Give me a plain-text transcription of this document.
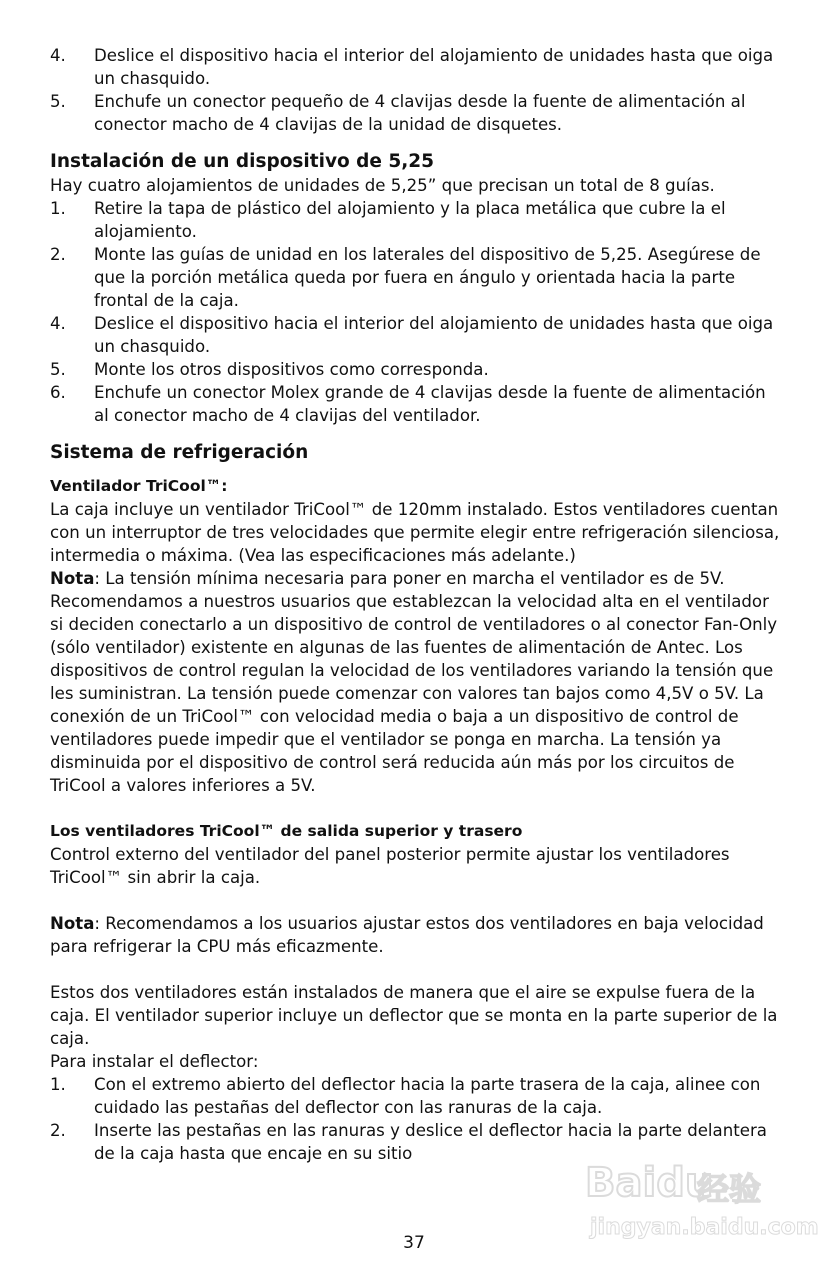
4.	Deslice el dispositivo hacia el interior del alojamiento de unidades hasta que oiga un chasquido.
5.	Enchufe un conector pequeño de 4 clavijas desde la fuente de alimentación al conector macho de 4 clavijas de la unidad de disquetes.
Instalación de un dispositivo de 5,25

Hay cuatro alojamientos de unidades de 5,25” que precisan un total de 8 guías.

1.	Retire la tapa de plástico del alojamiento y la placa metálica que cubre la el alojamiento.
2.	Monte las guías de unidad en los laterales del dispositivo de 5,25. Asegúrese de que la porción metálica queda por fuera en ángulo y orientada hacia la parte frontal de la caja.
4.	Deslice el dispositivo hacia el interior del alojamiento de unidades hasta que oiga un chasquido.
5.	Monte los otros dispositivos como corresponda.
6.	Enchufe un conector Molex grande de 4 clavijas desde la fuente de alimentación al conector macho de 4 clavijas del ventilador.
Sistema de refrigeración
Ventilador TriCool™:

La caja incluye un ventilador TriCool™ de 120mm instalado. Estos ventiladores cuentan con un interruptor de tres velocidades que permite elegir entre refrigeración silenciosa, intermedia o máxima. (Vea las especificaciones más adelante.)

Nota: La tensión mínima necesaria para poner en marcha el ventilador es de 5V. Recomendamos a nuestros usuarios que establezcan la velocidad alta en el ventilador si deciden conectarlo a un dispositivo de control de ventiladores o al conector Fan-Only (sólo ventilador) existente en algunas de las fuentes de alimentación de Antec. Los dispositivos de control regulan la velocidad de los ventiladores variando la tensión que les suministran. La tensión puede comenzar con valores tan bajos como 4,5V o 5V. La conexión de un TriCool™ con velocidad media o baja a un dispositivo de control de ventiladores puede impedir que el ventilador se ponga en marcha. La tensión ya disminuida por el dispositivo de control será reducida aún más por los circuitos de TriCool a valores inferiores a 5V.

Los ventiladores TriCool™ de salida superior y trasero

Control externo del ventilador del panel posterior permite ajustar los ventiladores TriCool™ sin abrir la caja.

Nota: Recomendamos a los usuarios ajustar estos dos ventiladores en baja velocidad para refrigerar la CPU más eficazmente.

Estos dos ventiladores están instalados de manera que el aire se expulse fuera de la caja. El ventilador superior incluye un deflector que se monta en la parte superior de la caja.

Para instalar el deflector:

1.	Con el extremo abierto del deflector hacia la parte trasera de la caja, alinee con cuidado las pestañas del deflector con las ranuras de la caja.
2.	Inserte las pestañas en las ranuras y deslice el deflector hacia la parte delantera de la caja hasta que encaje en su sitio
Baidu
经验
jingyan.baidu.com
37
